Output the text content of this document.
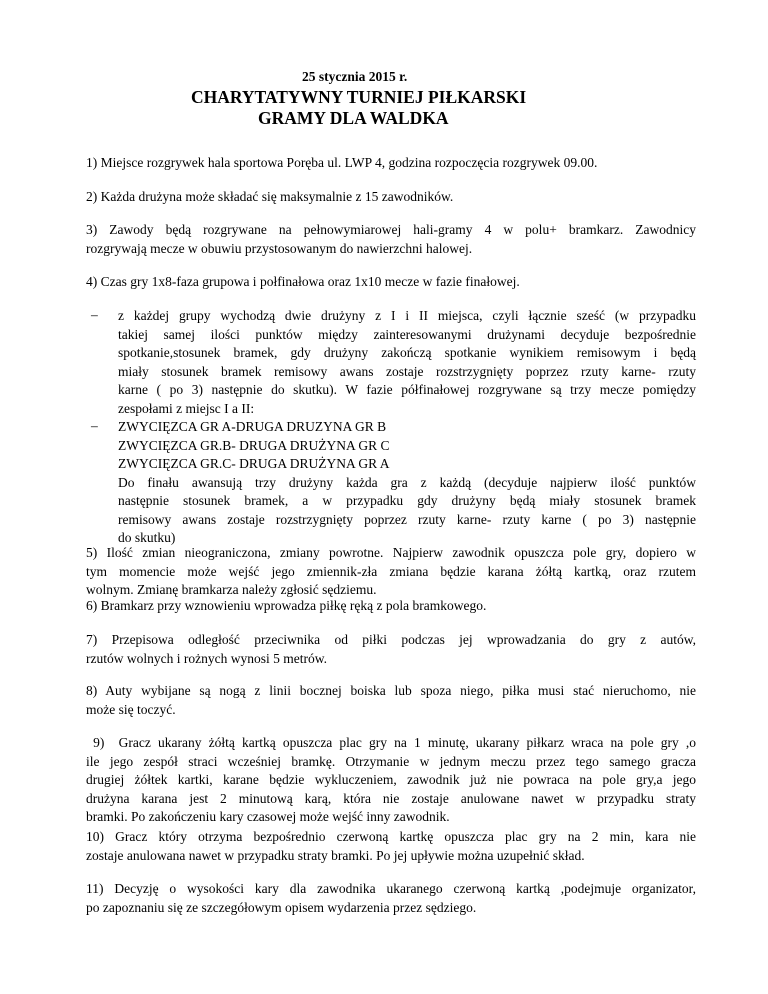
25 stycznia 2015 r.
CHARYTATYWNY TURNIEJ PIŁKARSKI
GRAMY DLA WALDKA
1) Miejsce rozgrywek hala sportowa Poręba ul. LWP 4, godzina rozpoczęcia rozgrywek 09.00.
2) Każda drużyna może składać się maksymalnie z 15 zawodników.
3) Zawody będą rozgrywane na pełnowymiarowej hali-gramy 4 w polu+ bramkarz. Zawodnicy
rozgrywają mecze w obuwiu przystosowanym do nawierzchni halowej.
4) Czas gry 1x8-faza grupowa i połfinałowa oraz 1x10 mecze w fazie finałowej.
– z każdej grupy wychodzą dwie drużyny z I i II miejsca, czyli łącznie sześć (w przypadku
takiej samej ilości punktów między zainteresowanymi drużynami decyduje bezpośrednie
spotkanie,stosunek bramek, gdy drużyny zakończą spotkanie wynikiem remisowym i będą
miały stosunek bramek remisowy awans zostaje rozstrzygnięty poprzez rzuty karne- rzuty
karne ( po 3) następnie do skutku). W fazie półfinałowej rozgrywane są trzy mecze pomiędzy
zespołami z miejsc I a II:
– ZWYCIĘZCA GR A-DRUGA DRUZYNA GR B
ZWYCIĘZCA GR.B- DRUGA DRUŻYNA GR C
ZWYCIĘZCA GR.C- DRUGA DRUŻYNA GR A
Do finału awansują trzy drużyny każda gra z każdą (decyduje najpierw ilość punktów
następnie stosunek bramek, a w przypadku gdy drużyny będą miały stosunek bramek
remisowy awans zostaje rozstrzygnięty poprzez rzuty karne- rzuty karne ( po 3) następnie
do skutku)
5) Ilość zmian nieograniczona, zmiany powrotne. Najpierw zawodnik opuszcza pole gry, dopiero w
tym momencie może wejść jego zmiennik-zła zmiana będzie karana żółtą kartką, oraz rzutem
wolnym. Zmianę bramkarza należy zgłosić sędziemu.
6) Bramkarz przy wznowieniu wprowadza piłkę ręką z pola bramkowego.
7) Przepisowa odległość przeciwnika od piłki podczas jej wprowadzania do gry z autów,
rzutów wolnych i rożnych wynosi 5 metrów.
8) Auty wybijane są nogą z linii bocznej boiska lub spoza niego, piłka musi stać nieruchomo, nie
może się toczyć.
9)  Gracz ukarany żółtą kartką opuszcza plac gry na 1 minutę, ukarany piłkarz wraca na pole gry ,o
ile jego zespół straci wcześniej bramkę. Otrzymanie w jednym meczu przez tego samego gracza
drugiej żółtek kartki, karane będzie wykluczeniem, zawodnik już nie powraca na pole gry,a jego
drużyna karana jest 2 minutową karą, która nie zostaje anulowane nawet w przypadku straty
bramki. Po zakończeniu kary czasowej może wejść inny zawodnik.
10) Gracz który otrzyma bezpośrednio czerwoną kartkę opuszcza plac gry na 2 min, kara nie
zostaje anulowana nawet w przypadku straty bramki. Po jej upływie można uzupełnić skład.
11) Decyzję o wysokości kary dla zawodnika ukaranego czerwoną kartką ,podejmuje organizator,
po zapoznaniu się ze szczegółowym opisem wydarzenia przez sędziego.
